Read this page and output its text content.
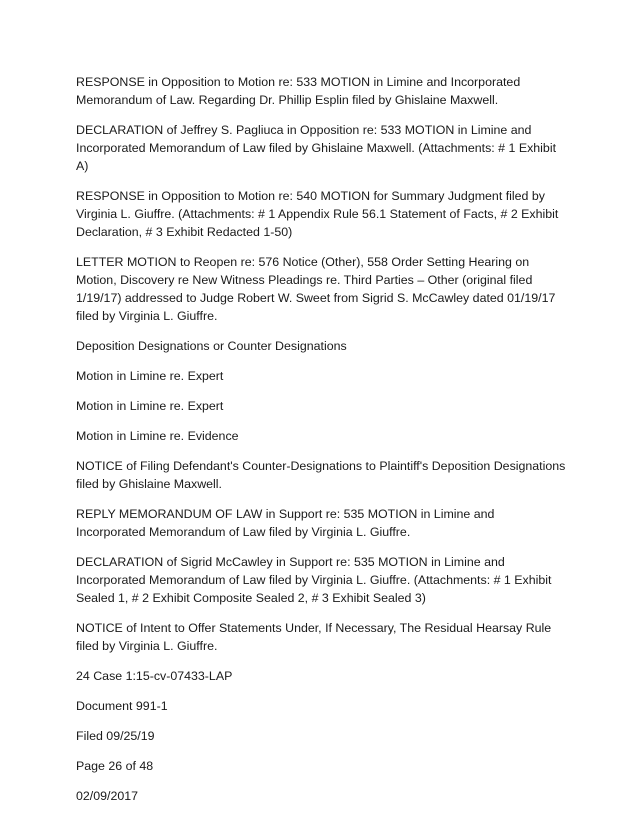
RESPONSE in Opposition to Motion re: 533 MOTION in Limine and Incorporated Memorandum of Law. Regarding Dr. Phillip Esplin filed by Ghislaine Maxwell.

DECLARATION of Jeffrey S. Pagliuca in Opposition re: 533 MOTION in Limine and Incorporated Memorandum of Law filed by Ghislaine Maxwell. (Attachments: # 1 Exhibit A)

RESPONSE in Opposition to Motion re: 540 MOTION for Summary Judgment filed by Virginia L. Giuffre. (Attachments: # 1 Appendix Rule 56.1 Statement of Facts, # 2 Exhibit Declaration, # 3 Exhibit Redacted 1-50)

LETTER MOTION to Reopen re: 576 Notice (Other), 558 Order Setting Hearing on Motion, Discovery re New Witness Pleadings re. Third Parties – Other (original filed 1/19/17) addressed to Judge Robert W. Sweet from Sigrid S. McCawley dated 01/19/17 filed by Virginia L. Giuffre.

Deposition Designations or Counter Designations

Motion in Limine re. Expert

Motion in Limine re. Expert

Motion in Limine re. Evidence

NOTICE of Filing Defendant's Counter-Designations to Plaintiff's Deposition Designations filed by Ghislaine Maxwell.

REPLY MEMORANDUM OF LAW in Support re: 535 MOTION in Limine and Incorporated Memorandum of Law filed by Virginia L. Giuffre.

DECLARATION of Sigrid McCawley in Support re: 535 MOTION in Limine and Incorporated Memorandum of Law filed by Virginia L. Giuffre. (Attachments: # 1 Exhibit Sealed 1, # 2 Exhibit Composite Sealed 2, # 3 Exhibit Sealed 3)

NOTICE of Intent to Offer Statements Under, If Necessary, The Residual Hearsay Rule filed by Virginia L. Giuffre.

24 Case 1:15-cv-07433-LAP

Document 991-1

Filed 09/25/19

Page 26 of 48

02/09/2017
